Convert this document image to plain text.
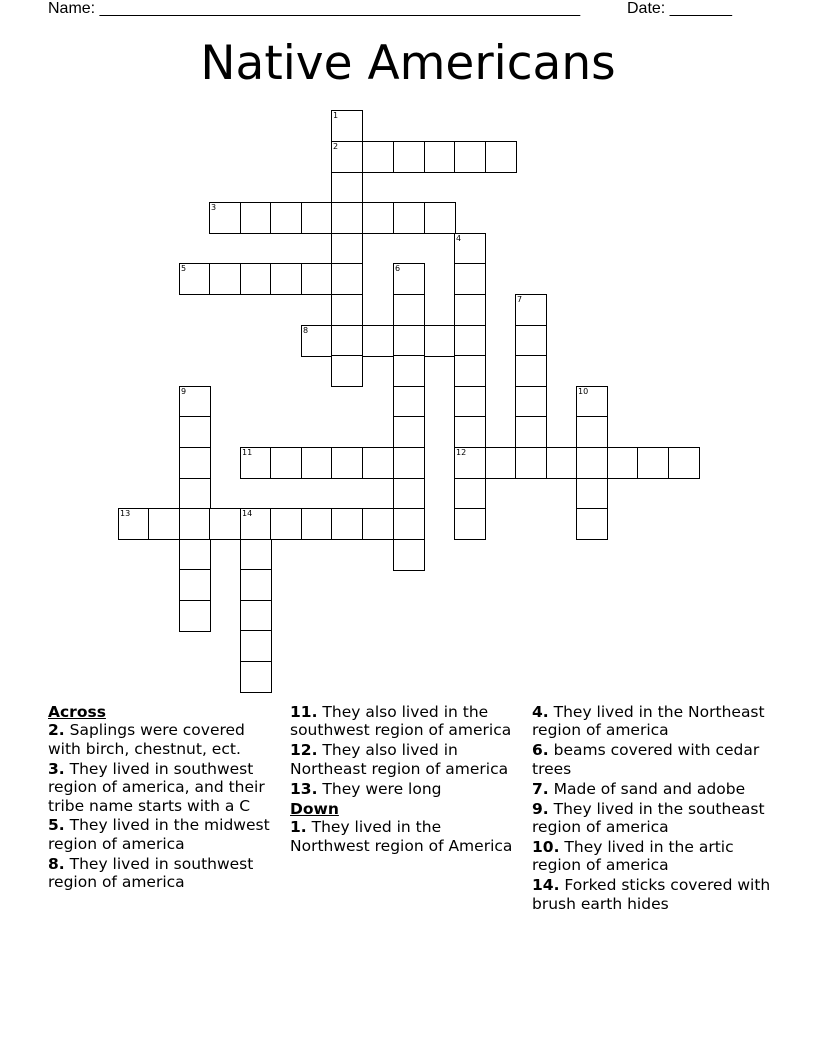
Name: ______________________________________________________	Date: _______
Native Americans
1
2
3
4
5	6
7
8
9	10
11	12
13	14
Across
2. Saplings were covered with birch, chestnut, ect.
3. They lived in southwest region of america, and their tribe name starts with a C
5. They lived in the midwest region of america
8. They lived in southwest region of america
11. They also lived in the southwest region of america
12. They also lived in Northeast region of america
13. They were long
Down
1. They lived in the Northwest region of America
4. They lived in the Northeast region of america
6. beams covered with cedar trees
7. Made of sand and adobe
9. They lived in the southeast region of america
10. They lived in the artic region of america
14. Forked sticks covered with brush earth hides
